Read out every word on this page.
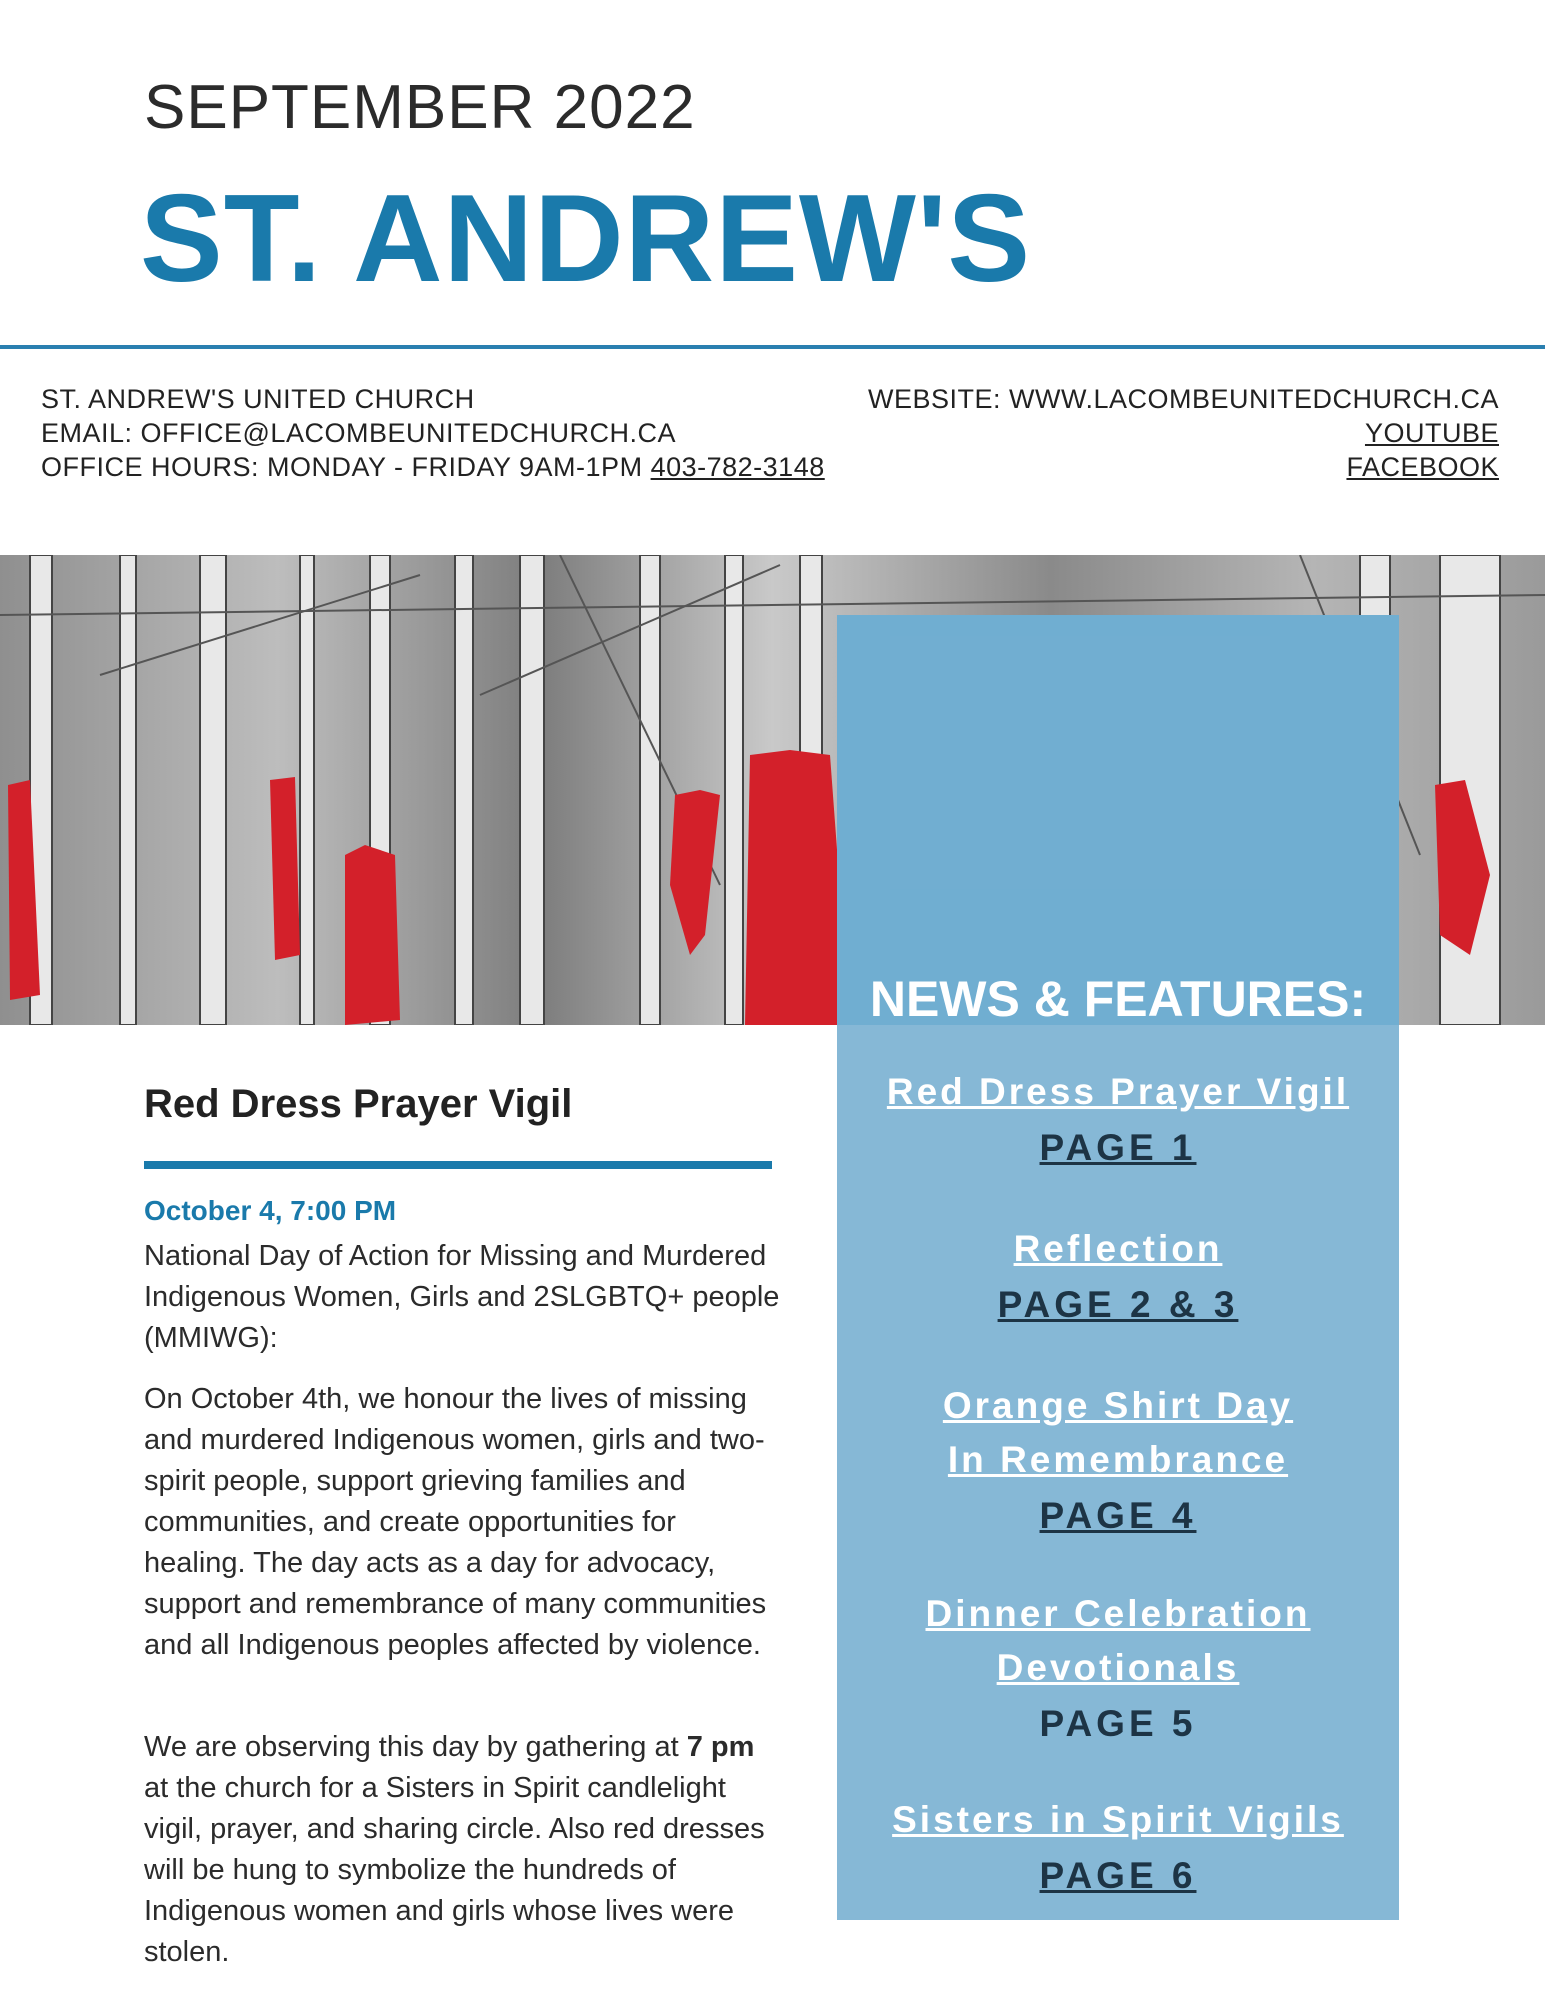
SEPTEMBER 2022
ST. ANDREW'S
ST. ANDREW'S UNITED CHURCH
EMAIL: OFFICE@LACOMBEUNITEDCHURCH.CA
OFFICE HOURS: MONDAY - FRIDAY 9AM-1PM 403-782-3148
WEBSITE: WWW.LACOMBEUNITEDCHURCH.CA
YOUTUBE
FACEBOOK
NEWS & FEATURES:
Red Dress Prayer Vigil
PAGE 1
Reflection
PAGE 2 & 3
Orange Shirt Day
In Remembrance
PAGE 4
Dinner Celebration
Devotionals
PAGE 5
Sisters in Spirit Vigils
PAGE 6
Red Dress Prayer Vigil
October 4, 7:00 PM

National Day of Action for Missing and Murdered Indigenous Women, Girls and 2SLGBTQ+ people (MMIWG):

On October 4th, we honour the lives of missing and murdered Indigenous women, girls and two-spirit people, support grieving families and communities, and create opportunities for healing. The day acts as a day for advocacy, support and remembrance of many communities and all Indigenous peoples affected by violence.

We are observing this day by gathering at 7 pm at the church for a Sisters in Spirit candlelight vigil, prayer, and sharing circle. Also red dresses will be hung to symbolize the hundreds of Indigenous women and girls whose lives were stolen.
